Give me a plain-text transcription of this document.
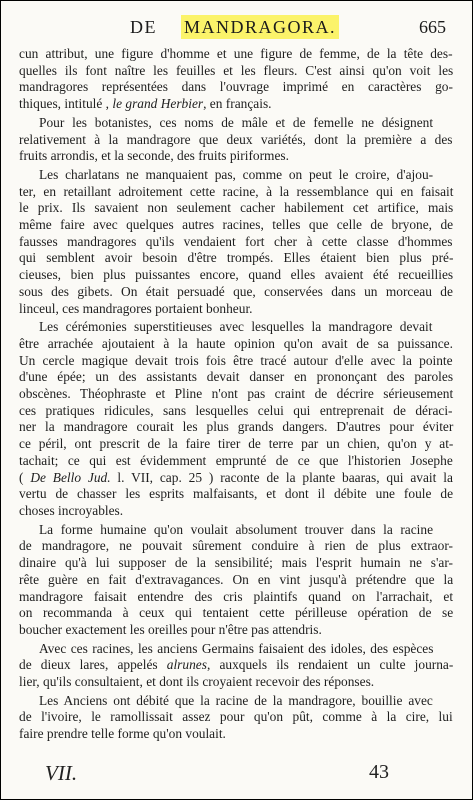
DE MANDRAGORA.	665
cun attribut, une figure d'homme et une figure de femme, de la tête des-
quelles ils font naître les feuilles et les fleurs. C'est ainsi qu'on voit les
mandragores représentées dans l'ouvrage imprimé en caractères go-
thiques, intitulé , le grand Herbier, en français.
Pour les botanistes, ces noms de mâle et de femelle ne désignent
relativement à la mandragore que deux variétés, dont la première a des
fruits arrondis, et la seconde, des fruits piriformes.
Les charlatans ne manquaient pas, comme on peut le croire, d'ajou-
ter, en retaillant adroitement cette racine, à la ressemblance qui en faisait
le prix. Ils savaient non seulement cacher habilement cet artifice, mais
même faire avec quelques autres racines, telles que celle de bryone, de
fausses mandragores qu'ils vendaient fort cher à cette classe d'hommes
qui semblent avoir besoin d'être trompés. Elles étaient bien plus pré-
cieuses, bien plus puissantes encore, quand elles avaient été recueillies
sous des gibets. On était persuadé que, conservées dans un morceau de
linceul, ces mandragores portaient bonheur.
Les cérémonies superstitieuses avec lesquelles la mandragore devait
être arrachée ajoutaient à la haute opinion qu'on avait de sa puissance.
Un cercle magique devait trois fois être tracé autour d'elle avec la pointe
d'une épée; un des assistants devait danser en prononçant des paroles
obscènes. Théophraste et Pline n'ont pas craint de décrire sérieusement
ces pratiques ridicules, sans lesquelles celui qui entreprenait de déraci-
ner la mandragore courait les plus grands dangers. D'autres pour éviter
ce péril, ont prescrit de la faire tirer de terre par un chien, qu'on y at-
tachait; ce qui est évidemment emprunté de ce que l'historien Josephe
( De Bello Jud. l. VII, cap. 25 ) raconte de la plante baaras, qui avait la
vertu de chasser les esprits malfaisants, et dont il débite une foule de
choses incroyables.
La forme humaine qu'on voulait absolument trouver dans la racine
de mandragore, ne pouvait sûrement conduire à rien de plus extraor-
dinaire qu'à lui supposer de la sensibilité; mais l'esprit humain ne s'ar-
rête guère en fait d'extravagances. On en vint jusqu'à prétendre que la
mandragore faisait entendre des cris plaintifs quand on l'arrachait, et
on recommanda à ceux qui tentaient cette périlleuse opération de se
boucher exactement les oreilles pour n'être pas attendris.
Avec ces racines, les anciens Germains faisaient des idoles, des espèces
de dieux lares, appelés alrunes, auxquels ils rendaient un culte journa-
lier, qu'ils consultaient, et dont ils croyaient recevoir des réponses.
Les Anciens ont débité que la racine de la mandragore, bouillie avec
de l'ivoire, le ramollissait assez pour qu'on pût, comme à la cire, lui
faire prendre telle forme qu'on voulait.
VII.	43
